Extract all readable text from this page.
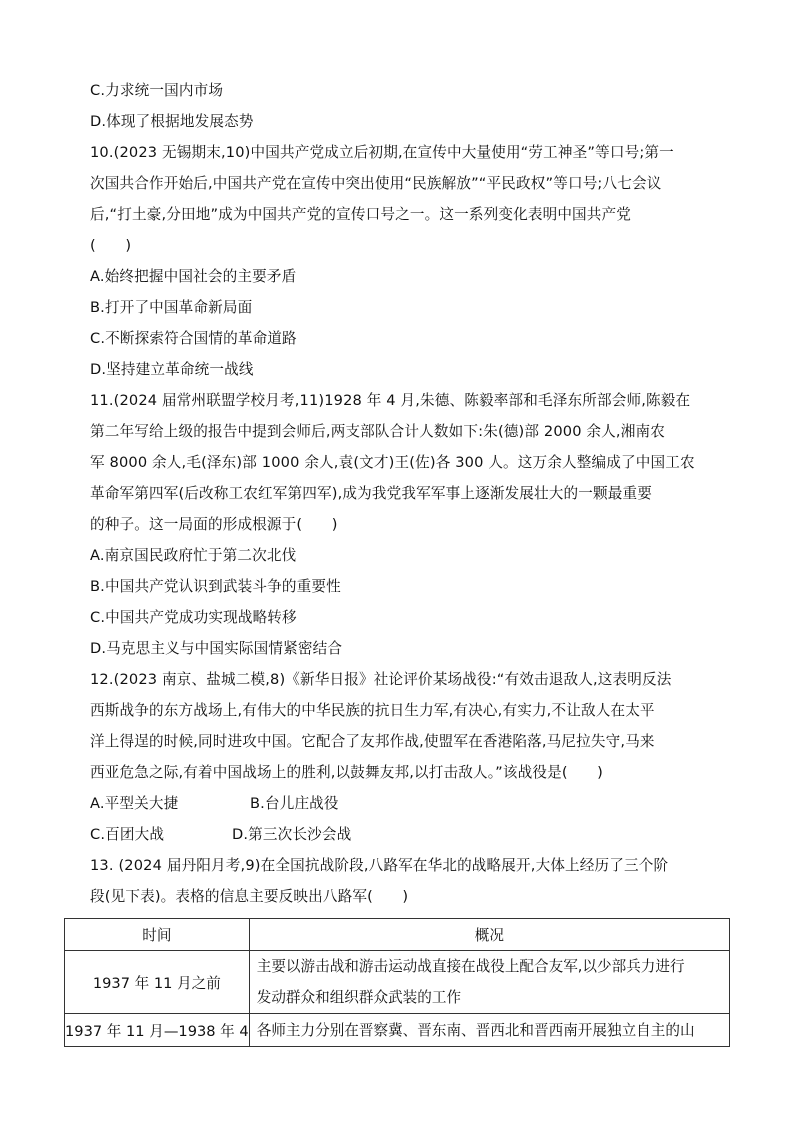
C.力求统一国内市场
D.体现了根据地发展态势
10.(2023 无锡期末,10)中国共产党成立后初期,在宣传中大量使用“劳工神圣”等口号;第一
次国共合作开始后,中国共产党在宣传中突出使用“民族解放”“平民政权”等口号;八七会议
后,“打土豪,分田地”成为中国共产党的宣传口号之一。这一系列变化表明中国共产党
(　　)
A.始终把握中国社会的主要矛盾
B.打开了中国革命新局面
C.不断探索符合国情的革命道路
D.坚持建立革命统一战线
11.(2024 届常州联盟学校月考,11)1928 年 4 月,朱德、陈毅率部和毛泽东所部会师,陈毅在
第二年写给上级的报告中提到会师后,两支部队合计人数如下:朱(德)部 2000 余人,湘南农
军 8000 余人,毛(泽东)部 1000 余人,袁(文才)王(佐)各 300 人。这万余人整编成了中国工农
革命军第四军(后改称工农红军第四军),成为我党我军军事上逐渐发展壮大的一颗最重要
的种子。这一局面的形成根源于(　　)
A.南京国民政府忙于第二次北伐
B.中国共产党认识到武装斗争的重要性
C.中国共产党成功实现战略转移
D.马克思主义与中国实际国情紧密结合
12.(2023 南京、盐城二模,8)《新华日报》社论评价某场战役:“有效击退敌人,这表明反法
西斯战争的东方战场上,有伟大的中华民族的抗日生力军,有决心,有实力,不让敌人在太平
洋上得逞的时候,同时进攻中国。它配合了友邦作战,使盟军在香港陷落,马尼拉失守,马来
西亚危急之际,有着中国战场上的胜利,以鼓舞友邦,以打击敌人。”该战役是(　　)
A.平型关大捷	B.台儿庄战役
C.百团大战	D.第三次长沙会战
13. (2024 届丹阳月考,9)在全国抗战阶段,八路军在华北的战略展开,大体上经历了三个阶
段(见下表)。表格的信息主要反映出八路军(　　)
时间	概况
1937 年 11 月之前	主要以游击战和游击运动战直接在战役上配合友军,以少部兵力进行
发动群众和组织群众武装的工作

1937 年 11 月—1938 年 4	各师主力分别在晋察冀、晋东南、晋西北和晋西南开展独立自主的山
